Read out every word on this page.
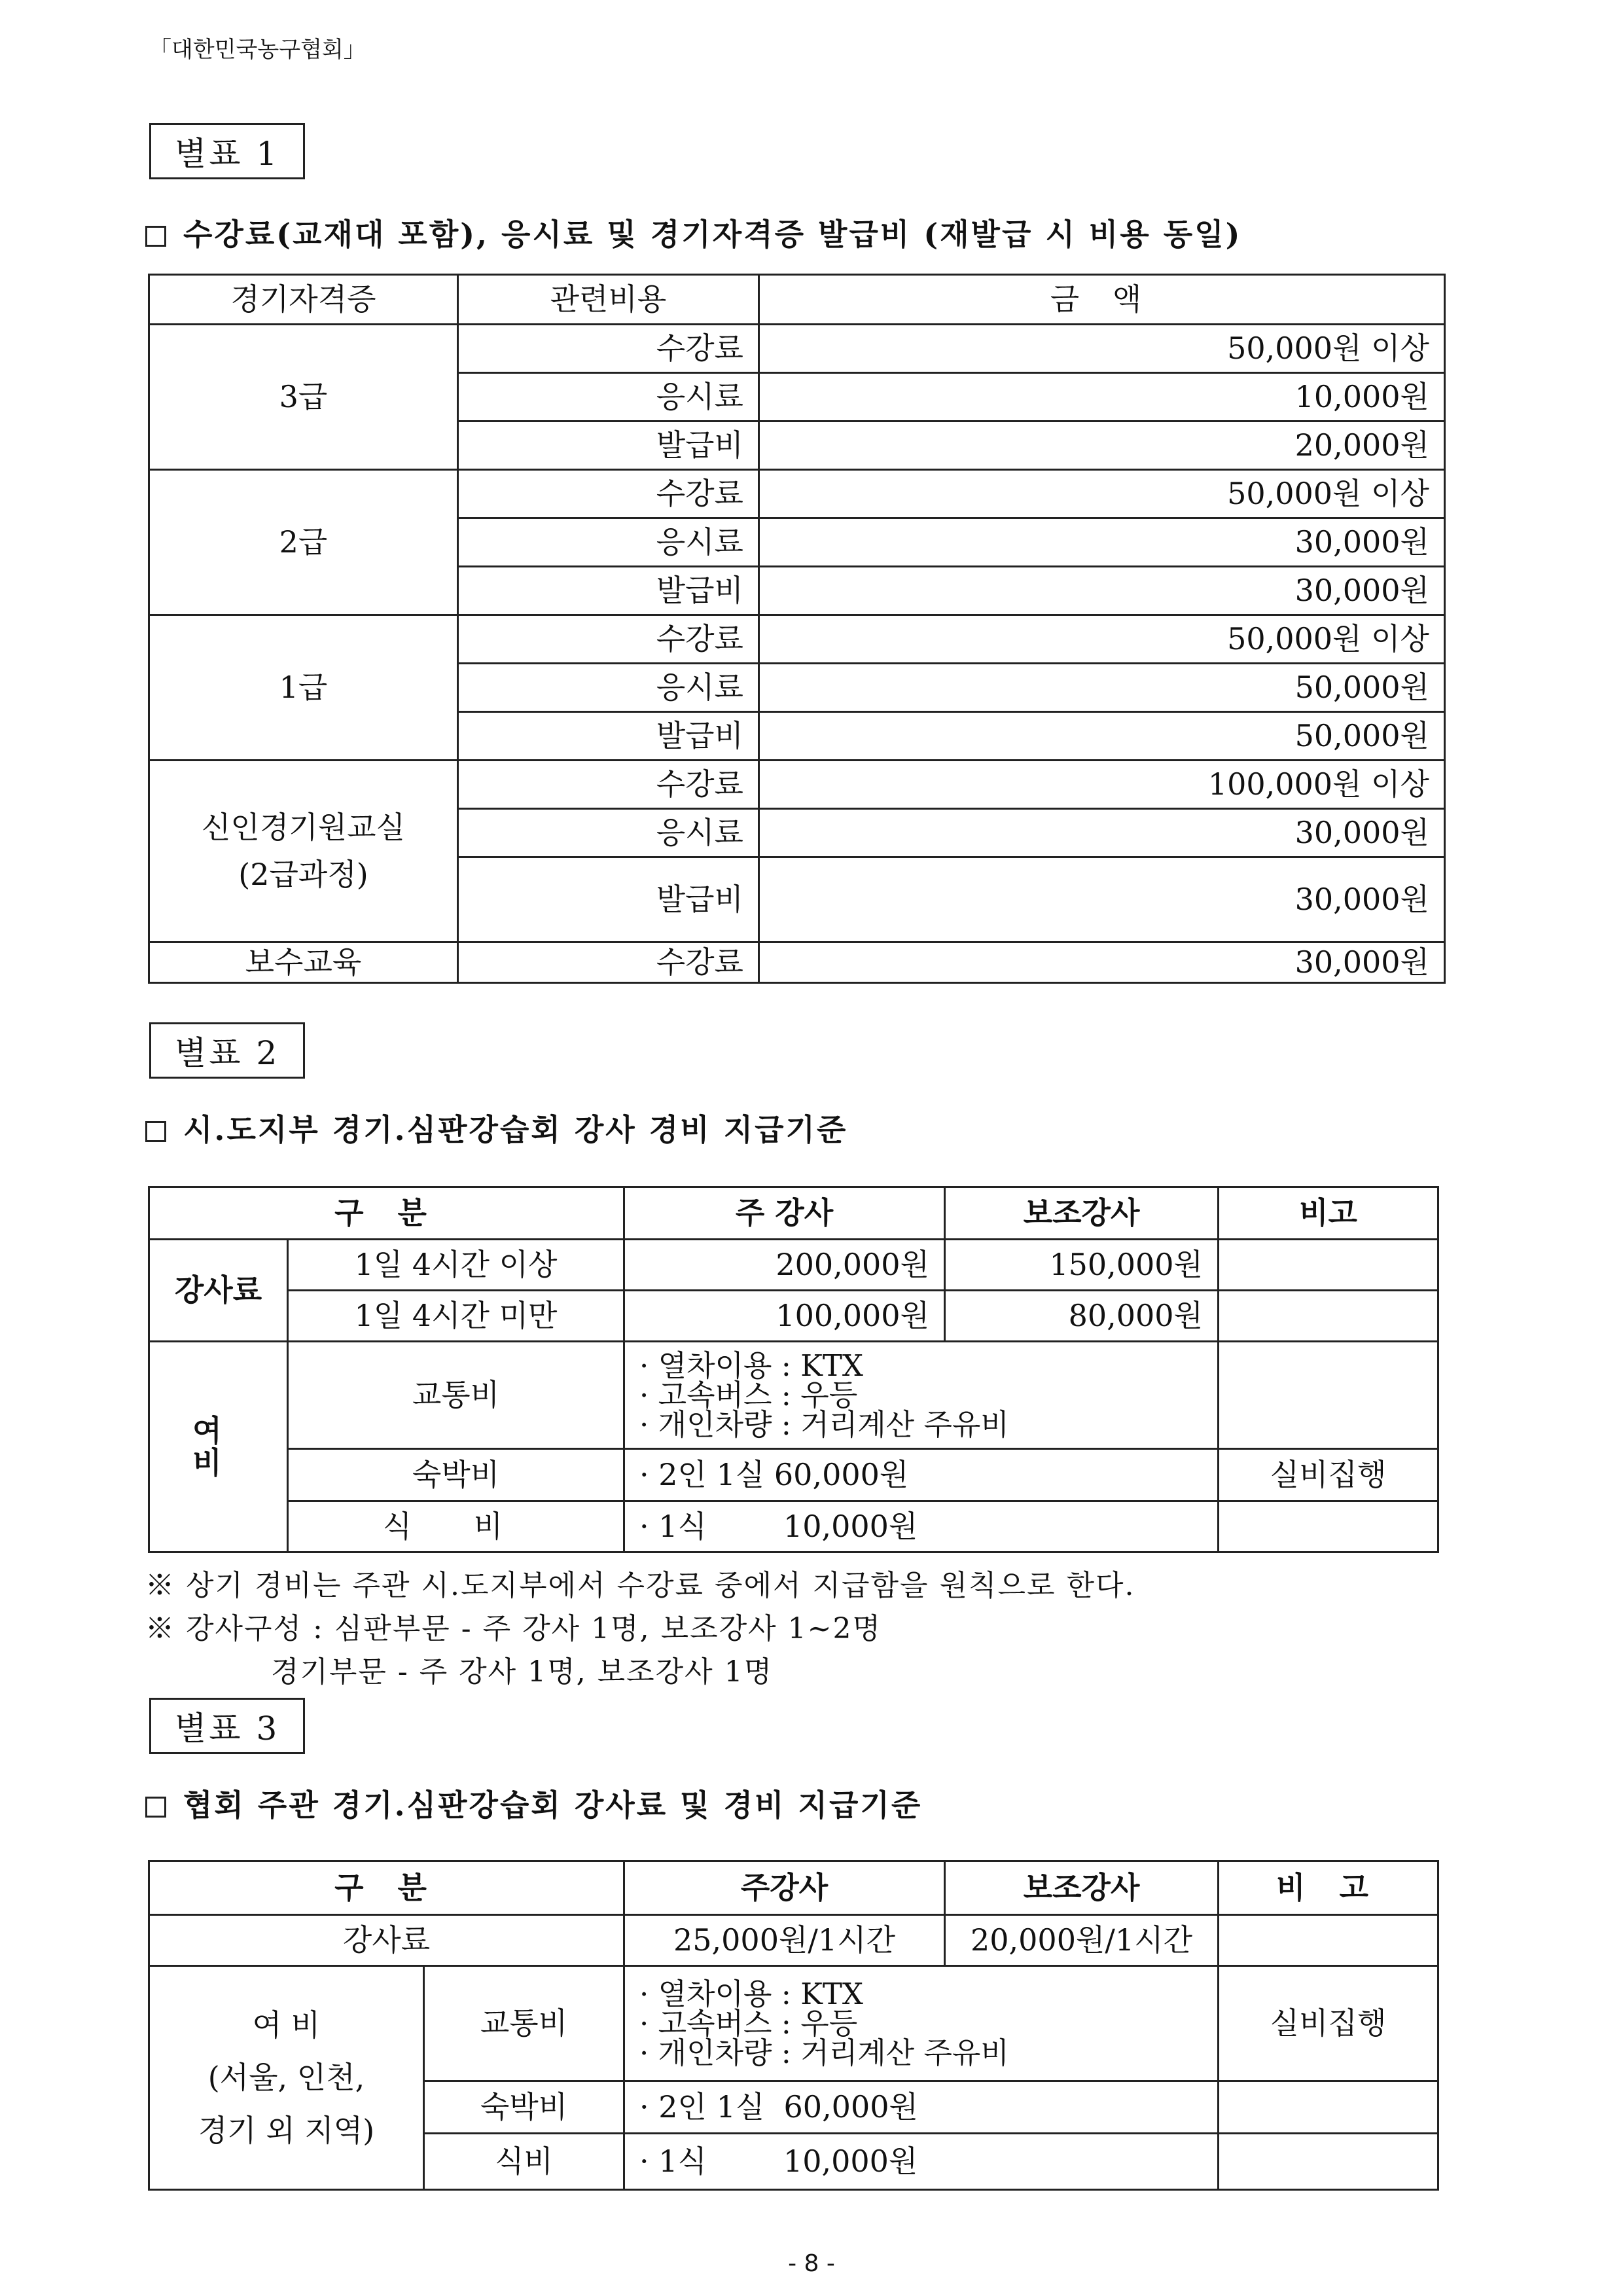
「대한민국농구협회」
별표 1
수강료(교재대 포함), 응시료 및 경기자격증 발급비 (재발급 시 비용 동일)
경기자격증	관련비용	금 액
3급	수강료	50,000원 이상
	응시료	10,000원
	발급비	20,000원
2급	수강료	50,000원 이상
	응시료	30,000원
	발급비	30,000원
1급	수강료	50,000원 이상
	응시료	50,000원
	발급비	50,000원
신인경기원교실
(2급과정)	수강료	100,000원 이상
	응시료	30,000원
	발급비	30,000원
보수교육	수강료	30,000원
별표 2
시.도지부 경기.심판강습회 강사 경비 지급기준
구 분		주 강사	보조강사	비고
강사료	1일 4시간 이상	200,000원	150,000원	
	1일 4시간 미만	100,000원	80,000원	
여 비	교통비	· 열차이용 : KTX
· 고속버스 : 우등
· 개인차량 : 거리계산 주유비		
	숙박비	· 2인 1실 60,000원		실비집행
	식 비	· 1식        10,000원		
※ 상기 경비는 주관 시.도지부에서 수강료 중에서 지급함을 원칙으로 한다.
※ 강사구성 : 심판부문 - 주 강사 1명, 보조강사 1~2명
경기부문 - 주 강사 1명, 보조강사 1명
별표 3
협회 주관 경기.심판강습회 강사료 및 경비 지급기준
구 분		주강사	보조강사	비 고
강사료		25,000원/1시간	20,000원/1시간	
여 비
(서울, 인천,
경기 외 지역)	교통비	· 열차이용 : KTX
· 고속버스 : 우등
· 개인차량 : 거리계산 주유비		실비집행
	숙박비	· 2인 1실  60,000원		
	식비	· 1식        10,000원		
- 8 -
